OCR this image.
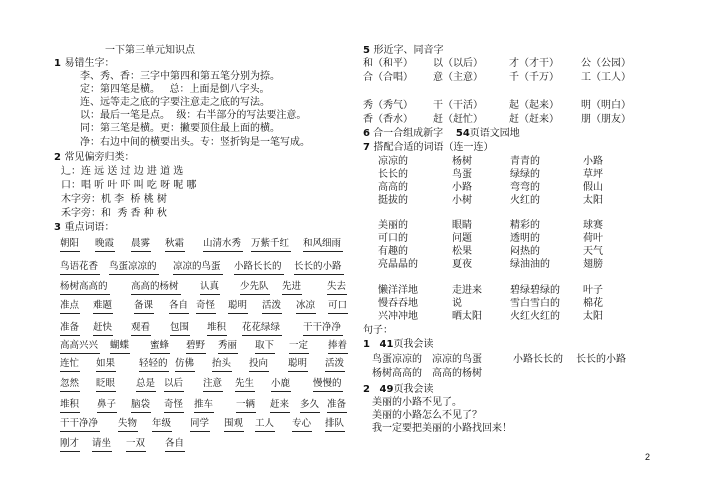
一下第三单元知识点
1 易错生字：
李、秀、香：三字中第四和第五笔分别为捺。
定：第四笔是横。   总：上面是倒八字头。
连、远等走之底的字要注意走之底的写法。
以：最后一笔是点。  级：右半部分的写法要注意。
同：第三笔是横。更：撇要顶住最上面的横。
净：右边中间的横要出头。专：竖折钩是一笔写成。
2 常见偏旁归类：
辶：连 远 送 过 边 进 道 选
口：唱 听 叶 吓 叫 吃 呀 呢 哪
木字旁：机 李  桥 桃 树
禾字旁：和  秀 香 种 秋
3 重点词语：
朝阳 晚霞 晨雾 秋霜 山清水秀 万紫千红 和风细雨
鸟语花香 鸟蛋凉凉的 凉凉的鸟蛋 小路长长的 长长的小路
杨树高高的 高高的杨树 认真 少先队 先进	失去
准点 难题 备课 各自 奇怪 聪明 活泼 冰凉 可口
准备 赶快 观看 包围 堆积 花花绿绿 干干净净
高高兴兴 蝴蝶 蜜蜂 碧野 秀丽 取下 一定 捧着
连忙 如果	轻轻的 仿佛 抬头 投向 聪明 活泼
忽然 眨眼 总是 以后 注意 先生 小鹿 慢慢的
堆积 鼻子 脑袋 奇怪 推车 一辆 赶来 多久 准备
干干净净 失物 年级 同学 围观 工人 专心 排队
刚才 请坐 一双 各自
5 形近字、同音字
和（和平） 以（以后）	才（才干） 公（公园）
合（合唱） 意（主意）	千（千万） 工（工人）
秀（秀气） 干（干活）	起（起来） 明（明白）
香（香水） 赶（赶忙）	赶（赶来） 朋（朋友）
6 合一合组成新字 54页语文园地
7 搭配合适的词语（连一连）
凉凉的	杨树	青青的	小路
长长的	鸟蛋	绿绿的	草坪
高高的	小路	弯弯的	假山
挺拔的	小树	火红的	太阳
美丽的	眼睛	精彩的	球赛
可口的	问题	透明的	荷叶
有趣的	松果	闷热的	天气
亮晶晶的	夏夜	绿油油的	翅膀
懒洋洋地	走进来	碧绿碧绿的 叶子
慢吞吞地	说	雪白雪白的 棉花
兴冲冲地	晒太阳	火红火红的 太阳
句子：
1 41页我会读
鸟蛋凉凉的 凉凉的鸟蛋	小路长长的 长长的小路
杨树高高的 高高的杨树
2 49页我会读
美丽的小路不见了。
美丽的小路怎么不见了？
我一定要把美丽的小路找回来！
2
